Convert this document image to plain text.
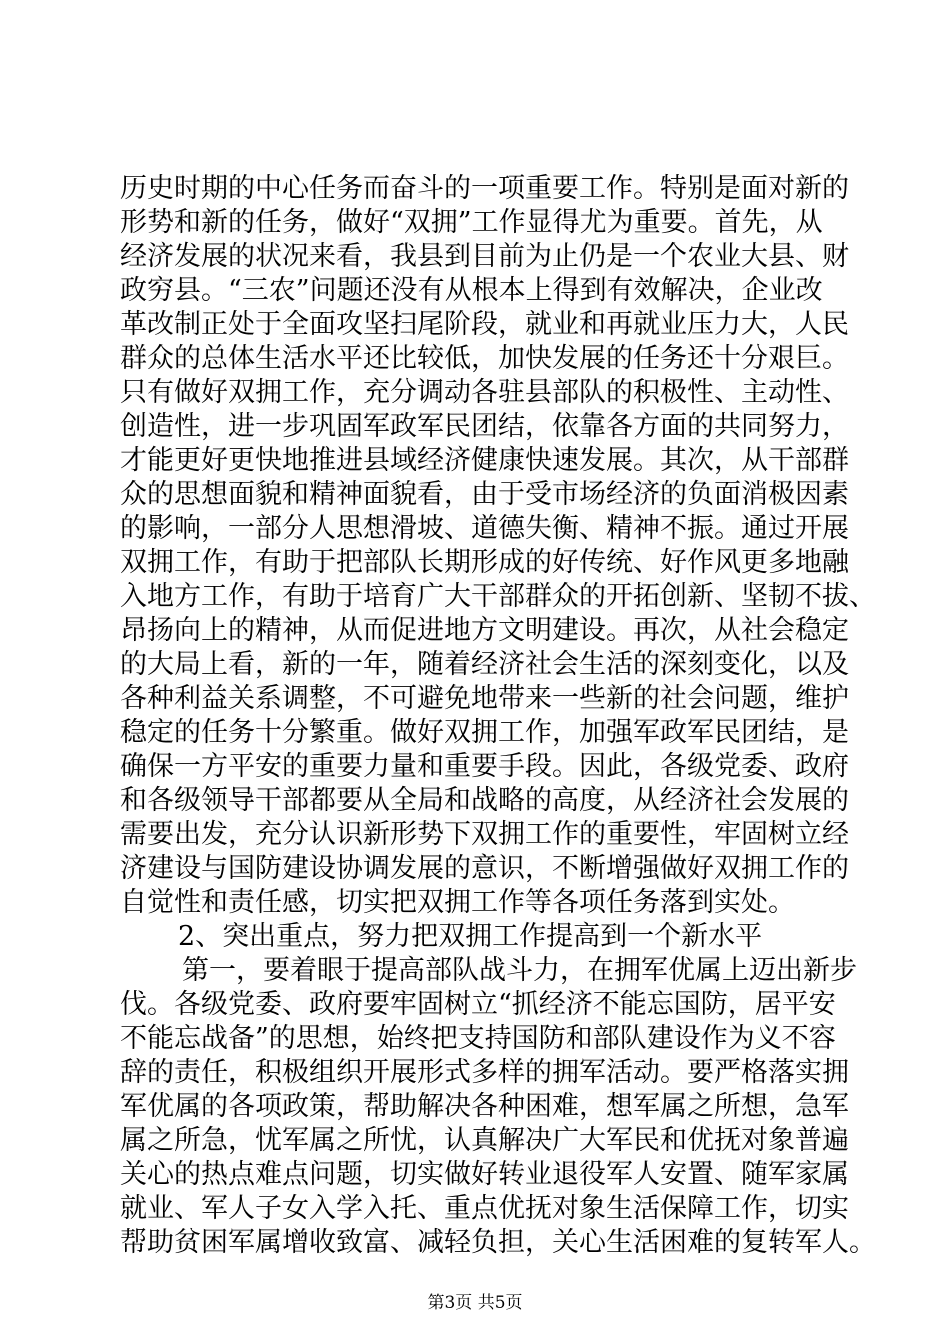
历史时期的中心任务而奋斗的一项重要工作。特别是面对新的
形势和新的任务，做好“双拥”工作显得尤为重要。首先，从
经济发展的状况来看，我县到目前为止仍是一个农业大县、财
政穷县。“三农”问题还没有从根本上得到有效解决，企业改
革改制正处于全面攻坚扫尾阶段，就业和再就业压力大，人民
群众的总体生活水平还比较低，加快发展的任务还十分艰巨。
只有做好双拥工作，充分调动各驻县部队的积极性、主动性、
创造性，进一步巩固军政军民团结，依靠各方面的共同努力，
才能更好更快地推进县域经济健康快速发展。其次，从干部群
众的思想面貌和精神面貌看，由于受市场经济的负面消极因素
的影响，一部分人思想滑坡、道德失衡、精神不振。通过开展
双拥工作，有助于把部队长期形成的好传统、好作风更多地融
入地方工作，有助于培育广大干部群众的开拓创新、坚韧不拔、
昂扬向上的精神，从而促进地方文明建设。再次，从社会稳定
的大局上看，新的一年，随着经济社会生活的深刻变化，以及
各种利益关系调整，不可避免地带来一些新的社会问题，维护
稳定的任务十分繁重。做好双拥工作，加强军政军民团结，是
确保一方平安的重要力量和重要手段。因此，各级党委、政府
和各级领导干部都要从全局和战略的高度，从经济社会发展的
需要出发，充分认识新形势下双拥工作的重要性，牢固树立经
济建设与国防建设协调发展的意识，不断增强做好双拥工作的
自觉性和责任感，切实把双拥工作等各项任务落到实处。
2、突出重点，努力把双拥工作提高到一个新水平
第一，要着眼于提高部队战斗力，在拥军优属上迈出新步
伐。各级党委、政府要牢固树立“抓经济不能忘国防，居平安
不能忘战备”的思想，始终把支持国防和部队建设作为义不容
辞的责任，积极组织开展形式多样的拥军活动。要严格落实拥
军优属的各项政策，帮助解决各种困难，想军属之所想，急军
属之所急，忧军属之所忧，认真解决广大军民和优抚对象普遍
关心的热点难点问题，切实做好转业退役军人安置、随军家属
就业、军人子女入学入托、重点优抚对象生活保障工作，切实
帮助贫困军属增收致富、减轻负担，关心生活困难的复转军人。
第3页 共5页
